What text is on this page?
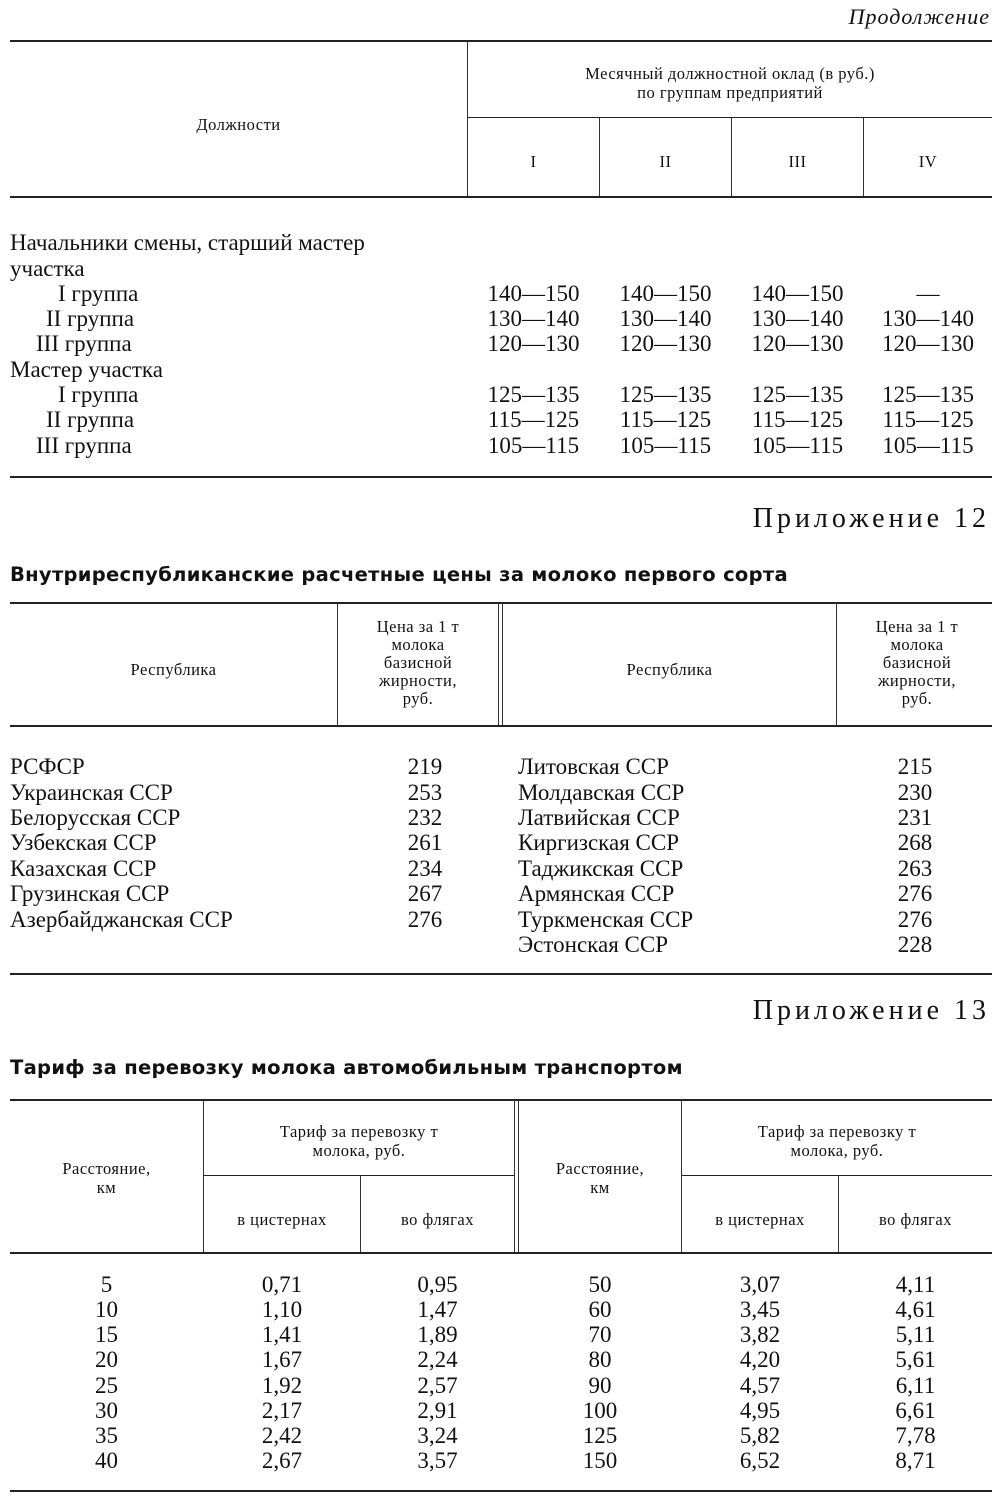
Продолжение
Должности
Месячный должностной оклад (в руб.)
по группам предприятий
I	II	III	IV
Начальники смены, старший мастер
участка
I группа	140—150	140—150	140—150	—
II группа	130—140	130—140	130—140	130—140
III группа	120—130	120—130	120—130	120—130
Мастер участка
I группа	125—135	125—135	125—135	125—135
II группа	115—125	115—125	115—125	115—125
III группа	105—115	105—115	105—115	105—115
Приложение 12
Внутриреспубликанские расчетные цены за молоко первого сорта
Республика
Цена за 1 т
молока
базисной
жирности,
руб.
Республика
Цена за 1 т
молока
базисной
жирности,
руб.
РСФСР	219
Украинская ССР	253
Белорусская ССР	232
Узбекская ССР	261
Казахская ССР	234
Грузинская ССР	267
Азербайджанская ССР	276
Литовская ССР	215
Молдавская ССР	230
Латвийская ССР	231
Киргизская ССР	268
Таджикская ССР	263
Армянская ССР	276
Туркменская ССР	276
Эстонская ССР	228
Приложение 13
Тариф за перевозку молока автомобильным транспортом
Расстояние,
км
Тариф за перевозку т
молока, руб.
в цистернах	во флягах
Расстояние,
км
Тариф за перевозку т
молока, руб.
в цистернах	во флягах
5	0,71	0,95	50	3,07	4,11
10	1,10	1,47	60	3,45	4,61
15	1,41	1,89	70	3,82	5,11
20	1,67	2,24	80	4,20	5,61
25	1,92	2,57	90	4,57	6,11
30	2,17	2,91	100	4,95	6,61
35	2,42	3,24	125	5,82	7,78
40	2,67	3,57	150	6,52	8,71
